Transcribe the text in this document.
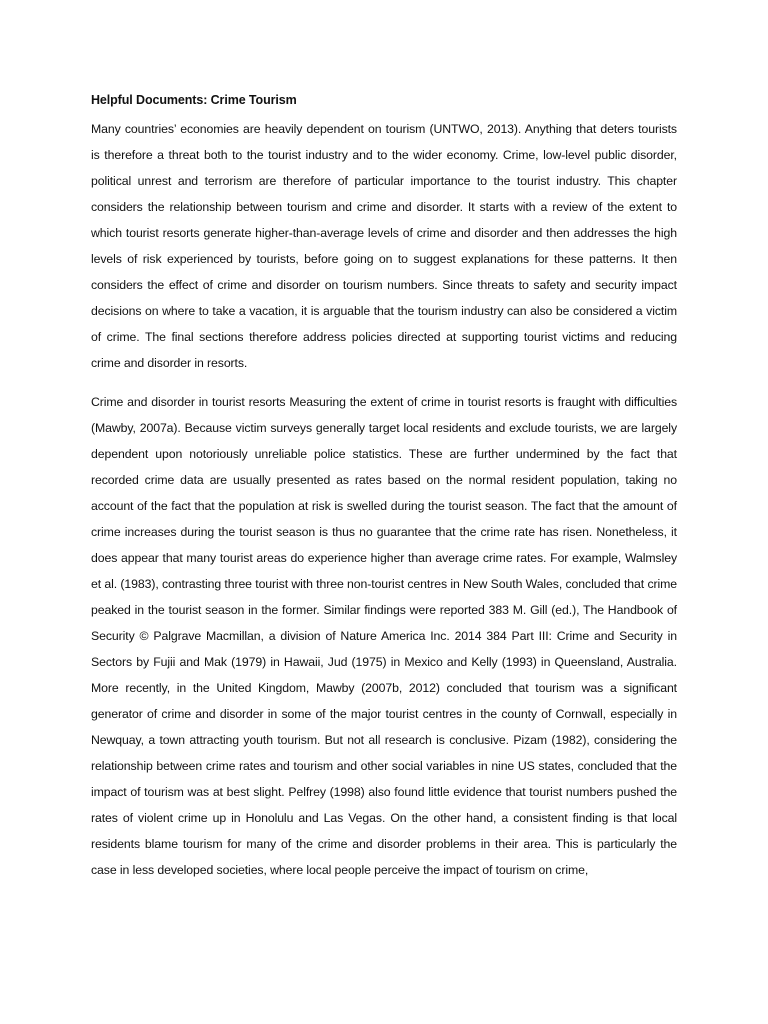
Helpful Documents: Crime Tourism

Many countries’ economies are heavily dependent on tourism (UNTWO, 2013). Anything that deters tourists is therefore a threat both to the tourist industry and to the wider economy. Crime, low-level public disorder, political unrest and terrorism are therefore of particular importance to the tourist industry. This chapter considers the relationship between tourism and crime and disorder. It starts with a review of the extent to which tourist resorts generate higher-than-average levels of crime and disorder and then addresses the high levels of risk experienced by tourists, before going on to suggest explanations for these patterns. It then considers the effect of crime and disorder on tourism numbers. Since threats to safety and security impact decisions on where to take a vacation, it is arguable that the tourism industry can also be considered a victim of crime. The final sections therefore address policies directed at supporting tourist victims and reducing crime and disorder in resorts.

Crime and disorder in tourist resorts Measuring the extent of crime in tourist resorts is fraught with difficulties (Mawby, 2007a). Because victim surveys generally target local residents and exclude tourists, we are largely dependent upon notoriously unreliable police statistics. These are further undermined by the fact that recorded crime data are usually presented as rates based on the normal resident population, taking no account of the fact that the population at risk is swelled during the tourist season. The fact that the amount of crime increases during the tourist season is thus no guarantee that the crime rate has risen. Nonetheless, it does appear that many tourist areas do experience higher than average crime rates. For example, Walmsley et al. (1983), contrasting three tourist with three non-tourist centres in New South Wales, concluded that crime peaked in the tourist season in the former. Similar findings were reported 383 M. Gill (ed.), The Handbook of Security © Palgrave Macmillan, a division of Nature America Inc. 2014 384 Part III: Crime and Security in Sectors by Fujii and Mak (1979) in Hawaii, Jud (1975) in Mexico and Kelly (1993) in Queensland, Australia. More recently, in the United Kingdom, Mawby (2007b, 2012) concluded that tourism was a significant generator of crime and disorder in some of the major tourist centres in the county of Cornwall, especially in Newquay, a town attracting youth tourism. But not all research is conclusive. Pizam (1982), considering the relationship between crime rates and tourism and other social variables in nine US states, concluded that the impact of tourism was at best slight. Pelfrey (1998) also found little evidence that tourist numbers pushed the rates of violent crime up in Honolulu and Las Vegas. On the other hand, a consistent finding is that local residents blame tourism for many of the crime and disorder problems in their area. This is particularly the case in less developed societies, where local people perceive the impact of tourism on crime,
